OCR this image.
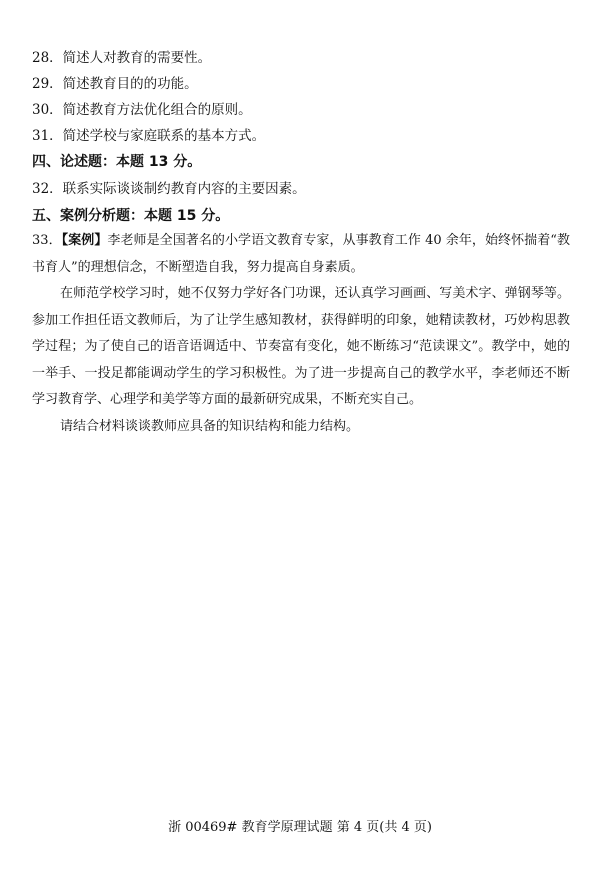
28．简述人对教育的需要性。
29．简述教育目的的功能。
30．简述教育方法优化组合的原则。
31．简述学校与家庭联系的基本方式。
四、论述题：本题 13 分。
32．联系实际谈谈制约教育内容的主要因素。
五、案例分析题：本题 15 分。

33．【案例】李老师是全国著名的小学语文教育专家，从事教育工作 40 余年，始终怀揣着“教书育人”的理想信念，不断塑造自我，努力提高自身素质。

在师范学校学习时，她不仅努力学好各门功课，还认真学习画画、写美术字、弹钢琴等。参加工作担任语文教师后，为了让学生感知教材，获得鲜明的印象，她精读教材，巧妙构思教学过程；为了使自己的语音语调适中、节奏富有变化，她不断练习“范读课文”。教学中，她的一举手、一投足都能调动学生的学习积极性。为了进一步提高自己的教学水平，李老师还不断学习教育学、心理学和美学等方面的最新研究成果，不断充实自己。

请结合材料谈谈教师应具备的知识结构和能力结构。

浙 00469# 教育学原理试题 第 4 页(共 4 页)
